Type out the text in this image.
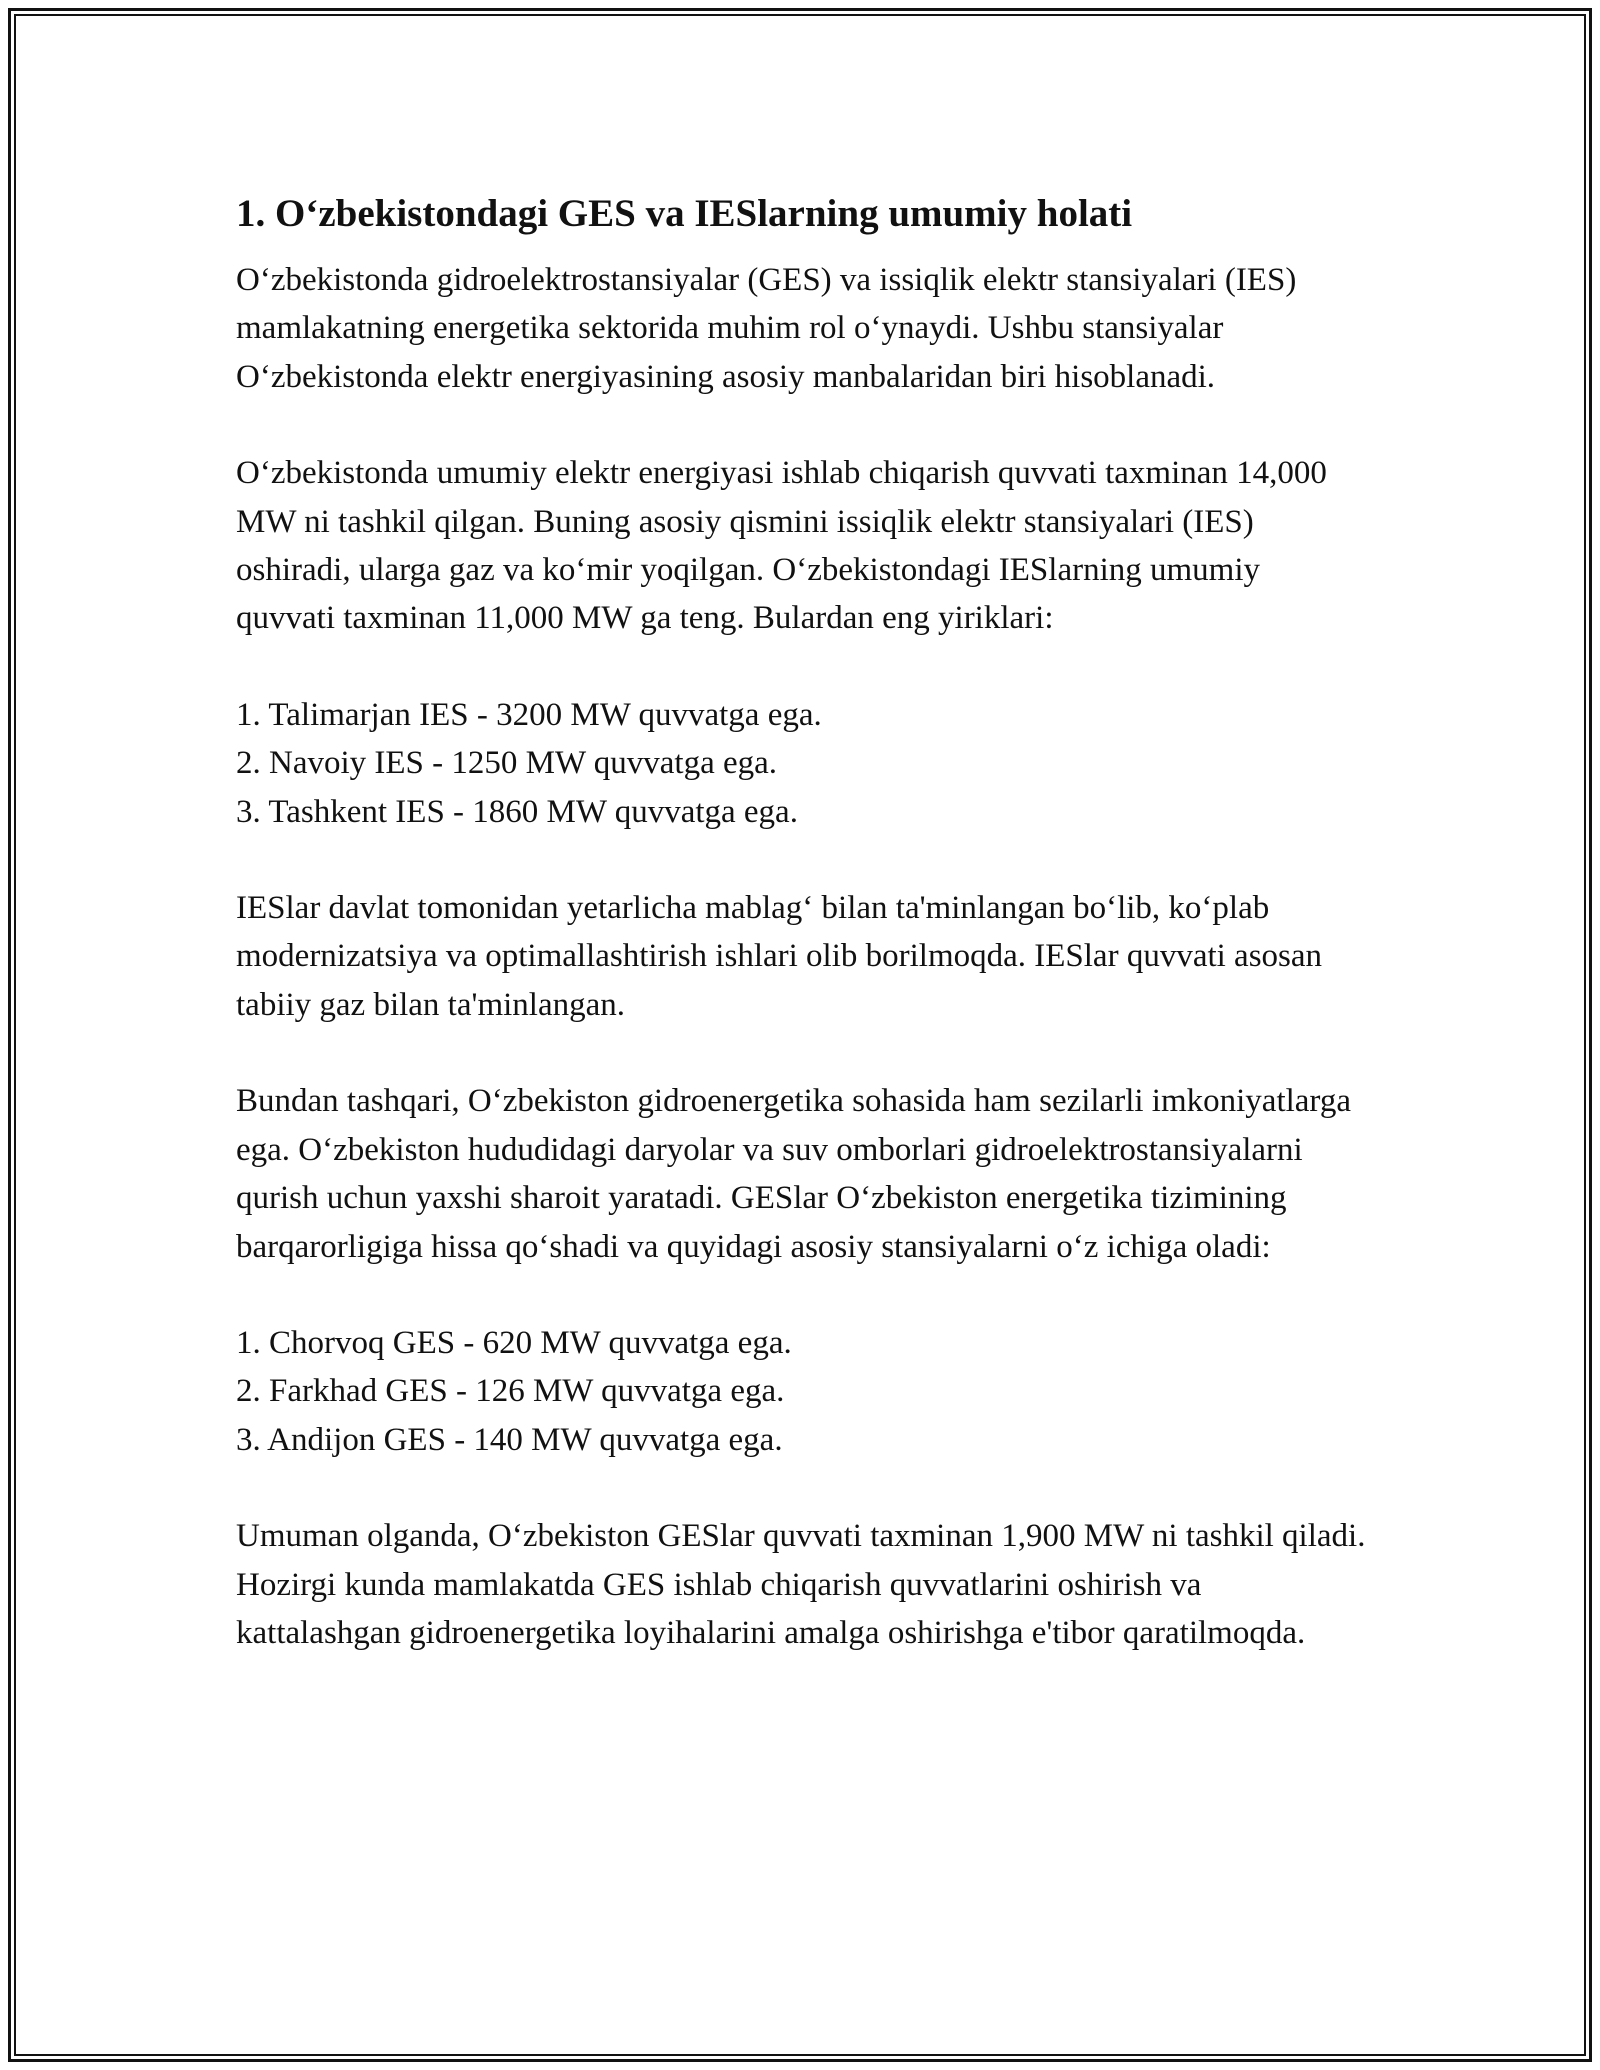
1. O‘zbekistondagi GES va IESlarning umumiy holati

O‘zbekistonda gidroelektrostansiyalar (GES) va issiqlik elektr stansiyalari (IES) mamlakatning energetika sektorida muhim rol o‘ynaydi. Ushbu stansiyalar O‘zbekistonda elektr energiyasining asosiy manbalaridan biri hisoblanadi.

O‘zbekistonda umumiy elektr energiyasi ishlab chiqarish quvvati taxminan 14,000 MW ni tashkil qilgan. Buning asosiy qismini issiqlik elektr stansiyalari (IES) oshiradi, ularga gaz va ko‘mir yoqilgan. O‘zbekistondagi IESlarning umumiy quvvati taxminan 11,000 MW ga teng. Bulardan eng yiriklari:

1. Talimarjan IES - 3200 MW quvvatga ega.
2. Navoiy IES - 1250 MW quvvatga ega.
3. Tashkent IES - 1860 MW quvvatga ega.

IESlar davlat tomonidan yetarlicha mablag‘ bilan ta'minlangan bo‘lib, ko‘plab modernizatsiya va optimallashtirish ishlari olib borilmoqda. IESlar quvvati asosan tabiiy gaz bilan ta'minlangan.

Bundan tashqari, O‘zbekiston gidroenergetika sohasida ham sezilarli imkoniyatlarga ega. O‘zbekiston hududidagi daryolar va suv omborlari gidroelektrostansiyalarni qurish uchun yaxshi sharoit yaratadi. GESlar O‘zbekiston energetika tizimining barqarorligiga hissa qo‘shadi va quyidagi asosiy stansiyalarni o‘z ichiga oladi:

1. Chorvoq GES - 620 MW quvvatga ega.
2. Farkhad GES - 126 MW quvvatga ega.
3. Andijon GES - 140 MW quvvatga ega.

Umuman olganda, O‘zbekiston GESlar quvvati taxminan 1,900 MW ni tashkil qiladi. Hozirgi kunda mamlakatda GES ishlab chiqarish quvvatlarini oshirish va kattalashgan gidroenergetika loyihalarini amalga oshirishga e'tibor qaratilmoqda.
